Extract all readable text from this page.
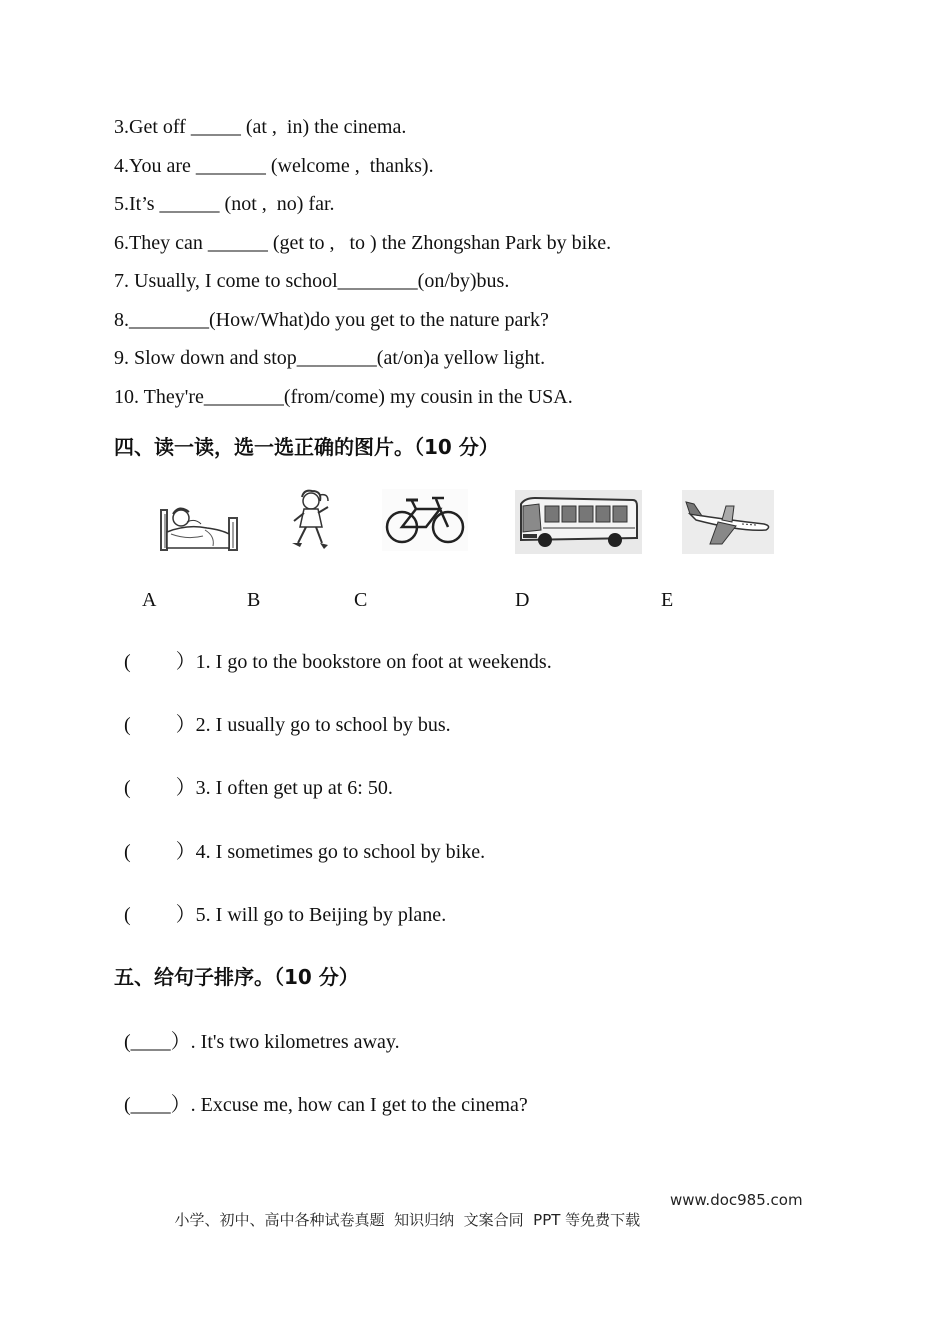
3.Get off _____ (at ,  in) the cinema.
4.You are _______ (welcome ,  thanks).
5.It’s ______ (not ,  no) far.
6.They can ______ (get to ,   to ) the Zhongshan Park by bike.
7. Usually, I come to school________(on/by)bus.
8.________(How/What)do you get to the nature park?
9. Slow down and stop________(at/on)a yellow light.
10. They're________(from/come) my cousin in the USA.
四、读一读，选一选正确的图片。（10 分）
A	B	C	D	E
(         ）1. I go to the bookstore on foot at weekends.
(         ）2. I usually go to school by bus.
(         ）3. I often get up at 6: 50.
(         ）4. I sometimes go to school by bike.
(         ）5. I will go to Beijing by plane.
五、给句子排序。（10 分）
(____）. It's two kilometres away.
(____）. Excuse me, how can I get to the cinema?

小学、初中、高中各种试卷真题  知识归纳  文案合同  PPT 等免费下载

www.doc985.com
